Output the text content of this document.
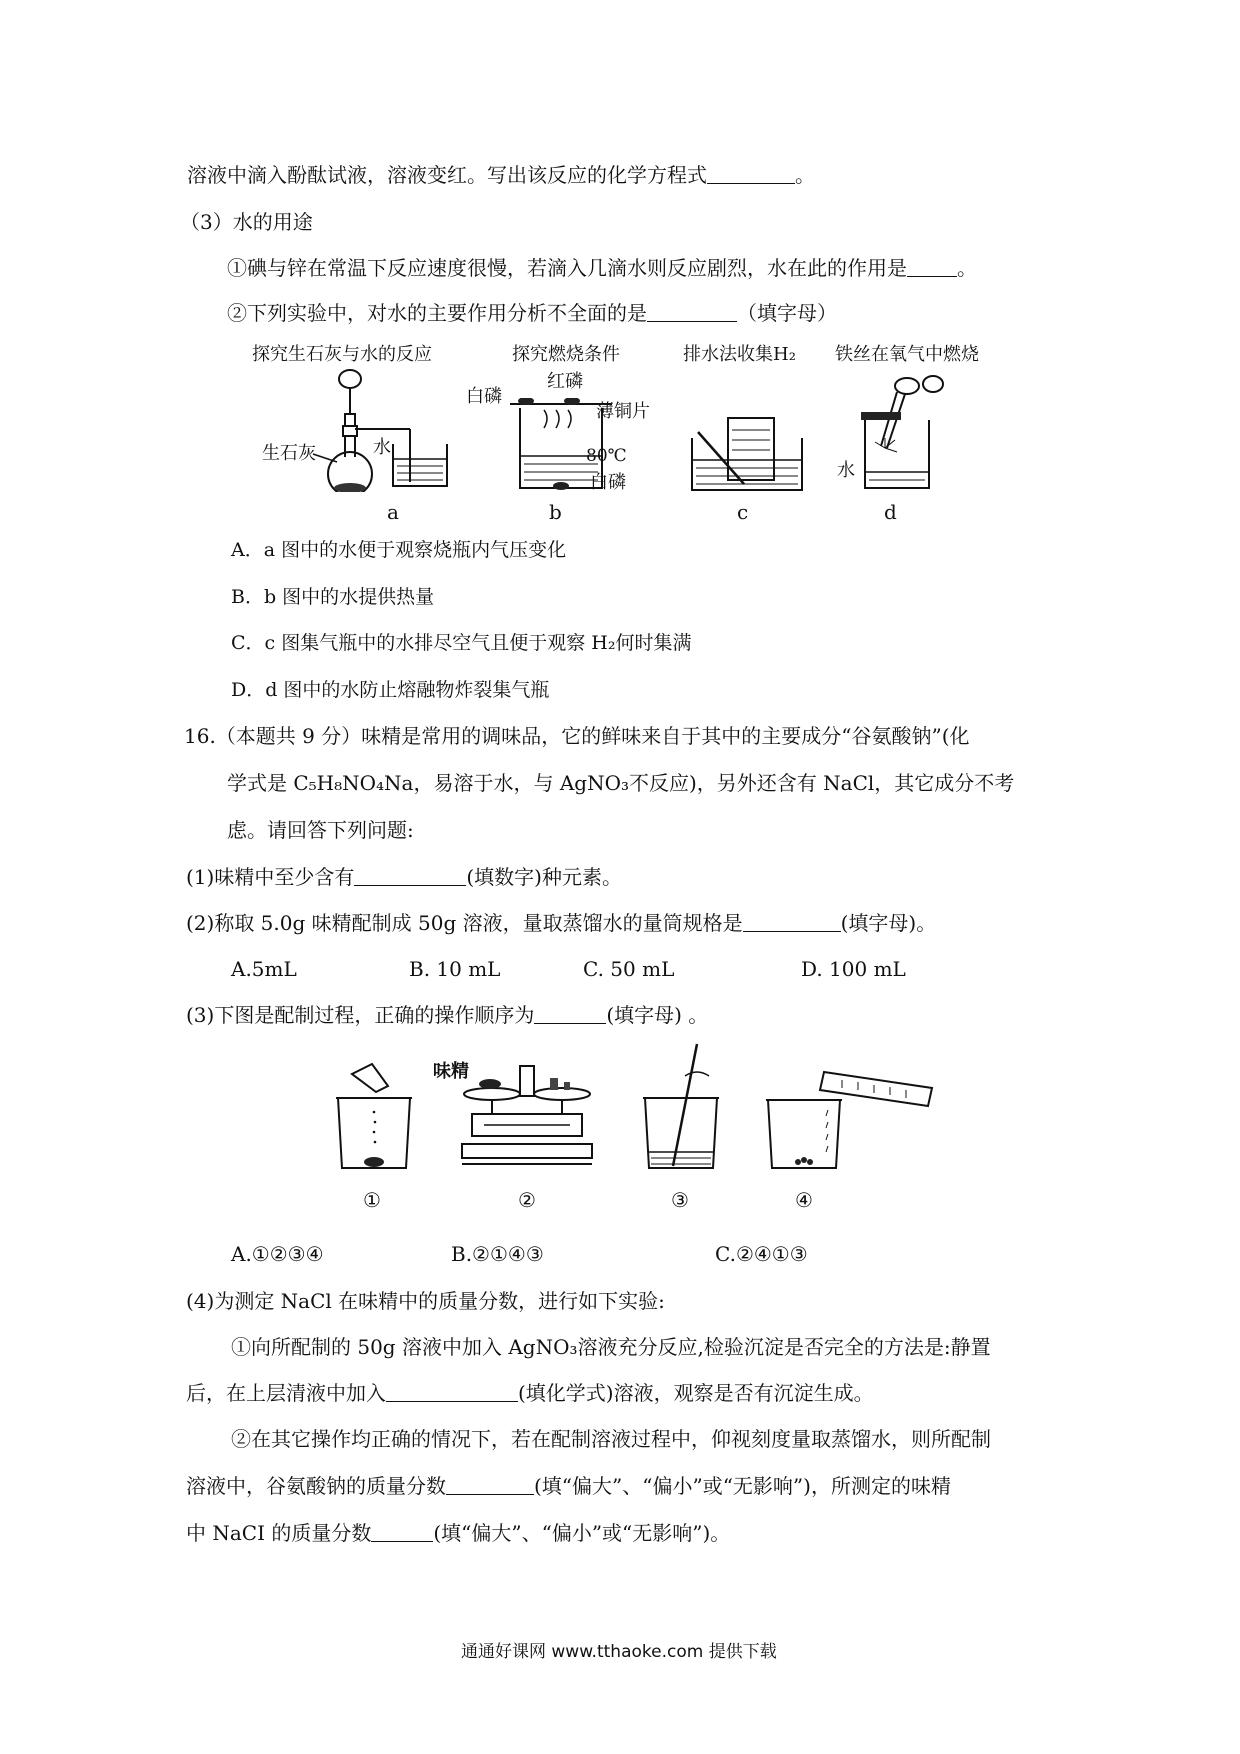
溶液中滴入酚酞试液，溶液变红。写出该反应的化学方程式	。
（3）水的用途
①碘与锌在常温下反应速度很慢，若滴入几滴水则反应剧烈，水在此的作用是	。
②下列实验中，对水的主要作用分析不全面的是	（填字母）
探究生石灰与水的反应	探究燃烧条件	排水法收集H₂ 铁丝在氧气中燃烧
生石灰	水
红磷
白磷
薄铜片
80℃
白磷
水
a	b	c	d
A．a 图中的水便于观察烧瓶内气压变化
B．b 图中的水提供热量
C．c 图集气瓶中的水排尽空气且便于观察 H₂何时集满
D．d 图中的水防止熔融物炸裂集气瓶
16.（本题共 9 分）味精是常用的调味品，它的鲜味来自于其中的主要成分“谷氨酸钠”(化
学式是 C₅H₈NO₄Na，易溶于水，与 AgNO₃不反应)，另外还含有 NaCl，其它成分不考
虑。请回答下列问题:
(1)味精中至少含有	(填数字)种元素。
(2)称取 5.0g 味精配制成 50g 溶液，量取蒸馏水的量筒规格是	(填字母)。
A.5mL	B. 10 mL	C. 50 mL	D. 100 mL
(3)下图是配制过程，正确的操作顺序为	(填字母) 。
味精
①	②	③	④
A.①②③④	B.②①④③	C.②④①③
(4)为测定 NaCl 在味精中的质量分数，进行如下实验:
①向所配制的 50g 溶液中加入 AgNO₃溶液充分反应,检验沉淀是否完全的方法是:静置
后，在上层清液中加入	(填化学式)溶液，观察是否有沉淀生成。
②在其它操作均正确的情况下，若在配制溶液过程中，仰视刻度量取蒸馏水，则所配制
溶液中，谷氨酸钠的质量分数	(填“偏大”、“偏小”或“无影响”)，所测定的味精
中 NaCI 的质量分数	(填“偏大”、“偏小”或“无影响”)。
通通好课网 www.tthaoke.com 提供下载
